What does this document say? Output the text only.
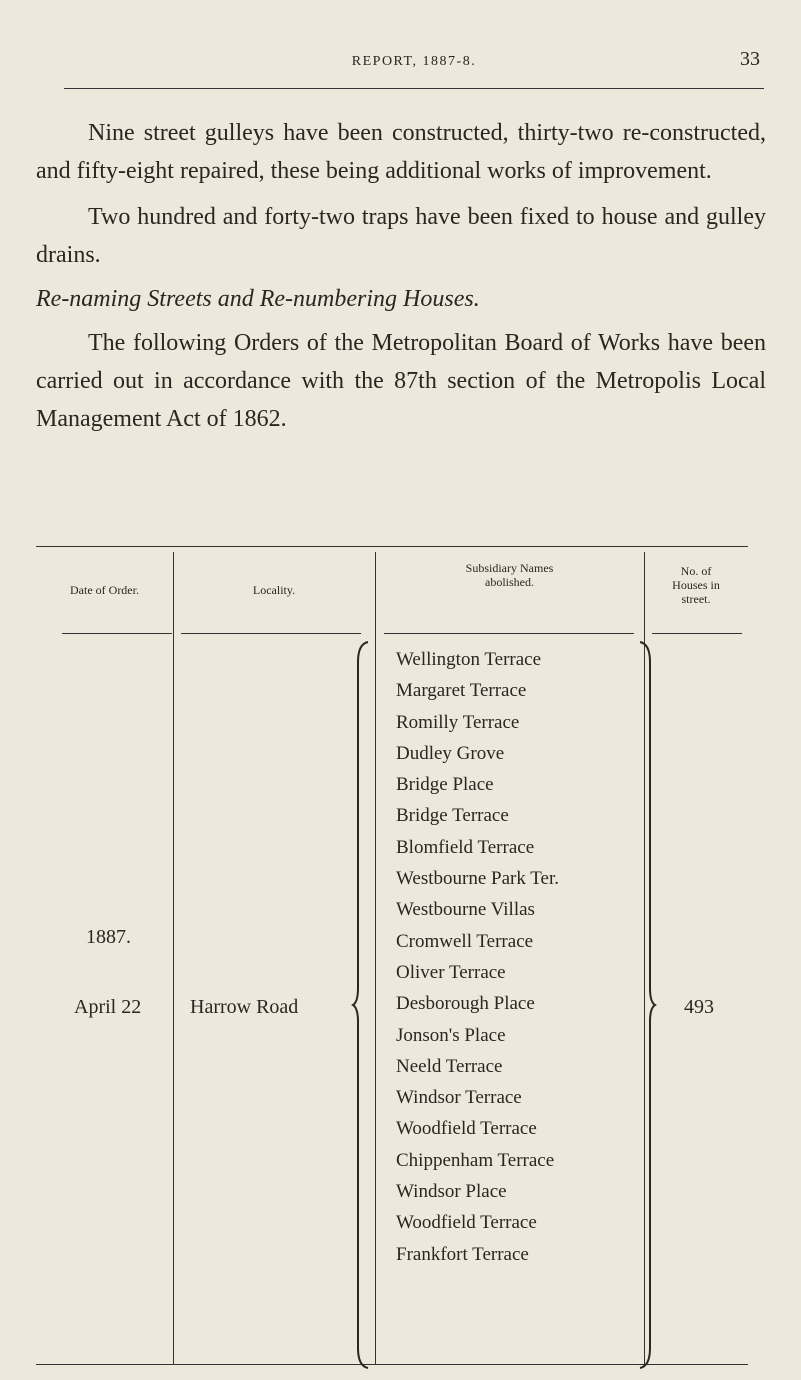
REPORT, 1887-8.	33

Nine street gulleys have been constructed, thirty-two re-constructed, and fifty-eight repaired, these being additional works of improvement.

Two hundred and forty-two traps have been fixed to house and gulley drains.

Re-naming Streets and Re-numbering Houses.

The following Orders of the Metropolitan Board of Works have been carried out in accordance with the 87th section of the Metropolis Local Management Act of 1862.

Date of Order.	Locality.
Subsidiary Names
abolished.
No. of
Houses in
street.
1887.
April 22 Harrow Road
Wellington Terrace
Margaret Terrace
Romilly Terrace
Dudley Grove
Bridge Place
Bridge Terrace
Blomfield Terrace
Westbourne Park Ter.
Westbourne Villas
Cromwell Terrace
Oliver Terrace
Desborough Place
Jonson's Place
Neeld Terrace
Windsor Terrace
Woodfield Terrace
Chippenham Terrace
Windsor Place
Woodfield Terrace
Frankfort Terrace
493
